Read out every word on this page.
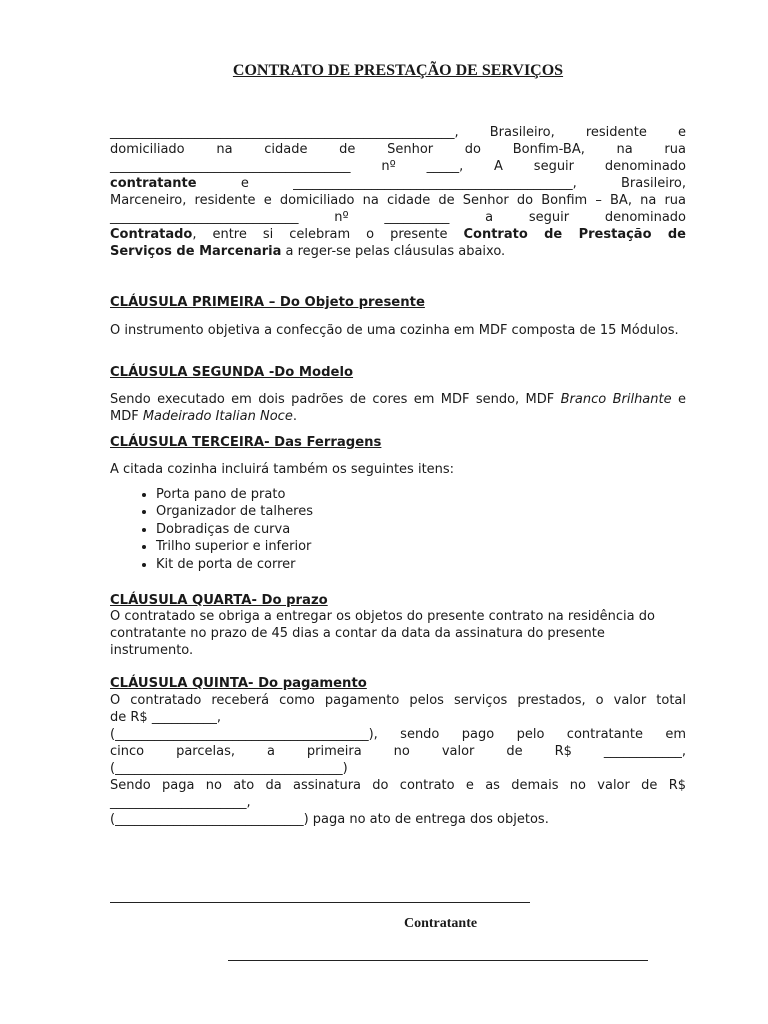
CONTRATO DE PRESTAÇÃO DE SERVIÇOS
_____________________________________________________, Brasileiro, residente e
domiciliado na cidade de Senhor do Bonfim-BA, na rua
_____________________________________ nº _____, A seguir denominado
contratante e ___________________________________________, Brasileiro,
Marceneiro, residente e domiciliado na cidade de Senhor do Bonfim – BA, na rua
_____________________________ nº __________ a seguir denominado
Contratado, entre si celebram o presente Contrato de Prestação de
Serviços de Marcenaria a reger-se pelas cláusulas abaixo.
CLÁUSULA PRIMEIRA – Do Objeto presente
O instrumento objetiva a confecção de uma cozinha em MDF composta de 15 Módulos.
CLÁUSULA SEGUNDA -Do Modelo
Sendo executado em dois padrões de cores em MDF sendo, MDF Branco Brilhante e MDF Madeirado Italian Noce.
CLÁUSULA TERCEIRA- Das Ferragens
A citada cozinha incluirá também os seguintes itens:
• Porta pano de prato
• Organizador de talheres
• Dobradiças de curva
• Trilho superior e inferior
• Kit de porta de correr
CLÁUSULA QUARTA- Do prazo
O contratado se obriga a entregar os objetos do presente contrato na residência do contratante no prazo de 45 dias a contar da data da assinatura do presente instrumento.
CLÁUSULA QUINTA- Do pagamento
O contratado receberá como pagamento pelos serviços prestados, o valor total
de R$ __________,
(_______________________________________), sendo pago pelo contratante em
cinco parcelas, a primeira no valor de R$ ____________,
(___________________________________)
Sendo paga no ato da assinatura do contrato e as demais no valor de R$
_____________________,
(_____________________________) paga no ato de entrega dos objetos.
Contratante
